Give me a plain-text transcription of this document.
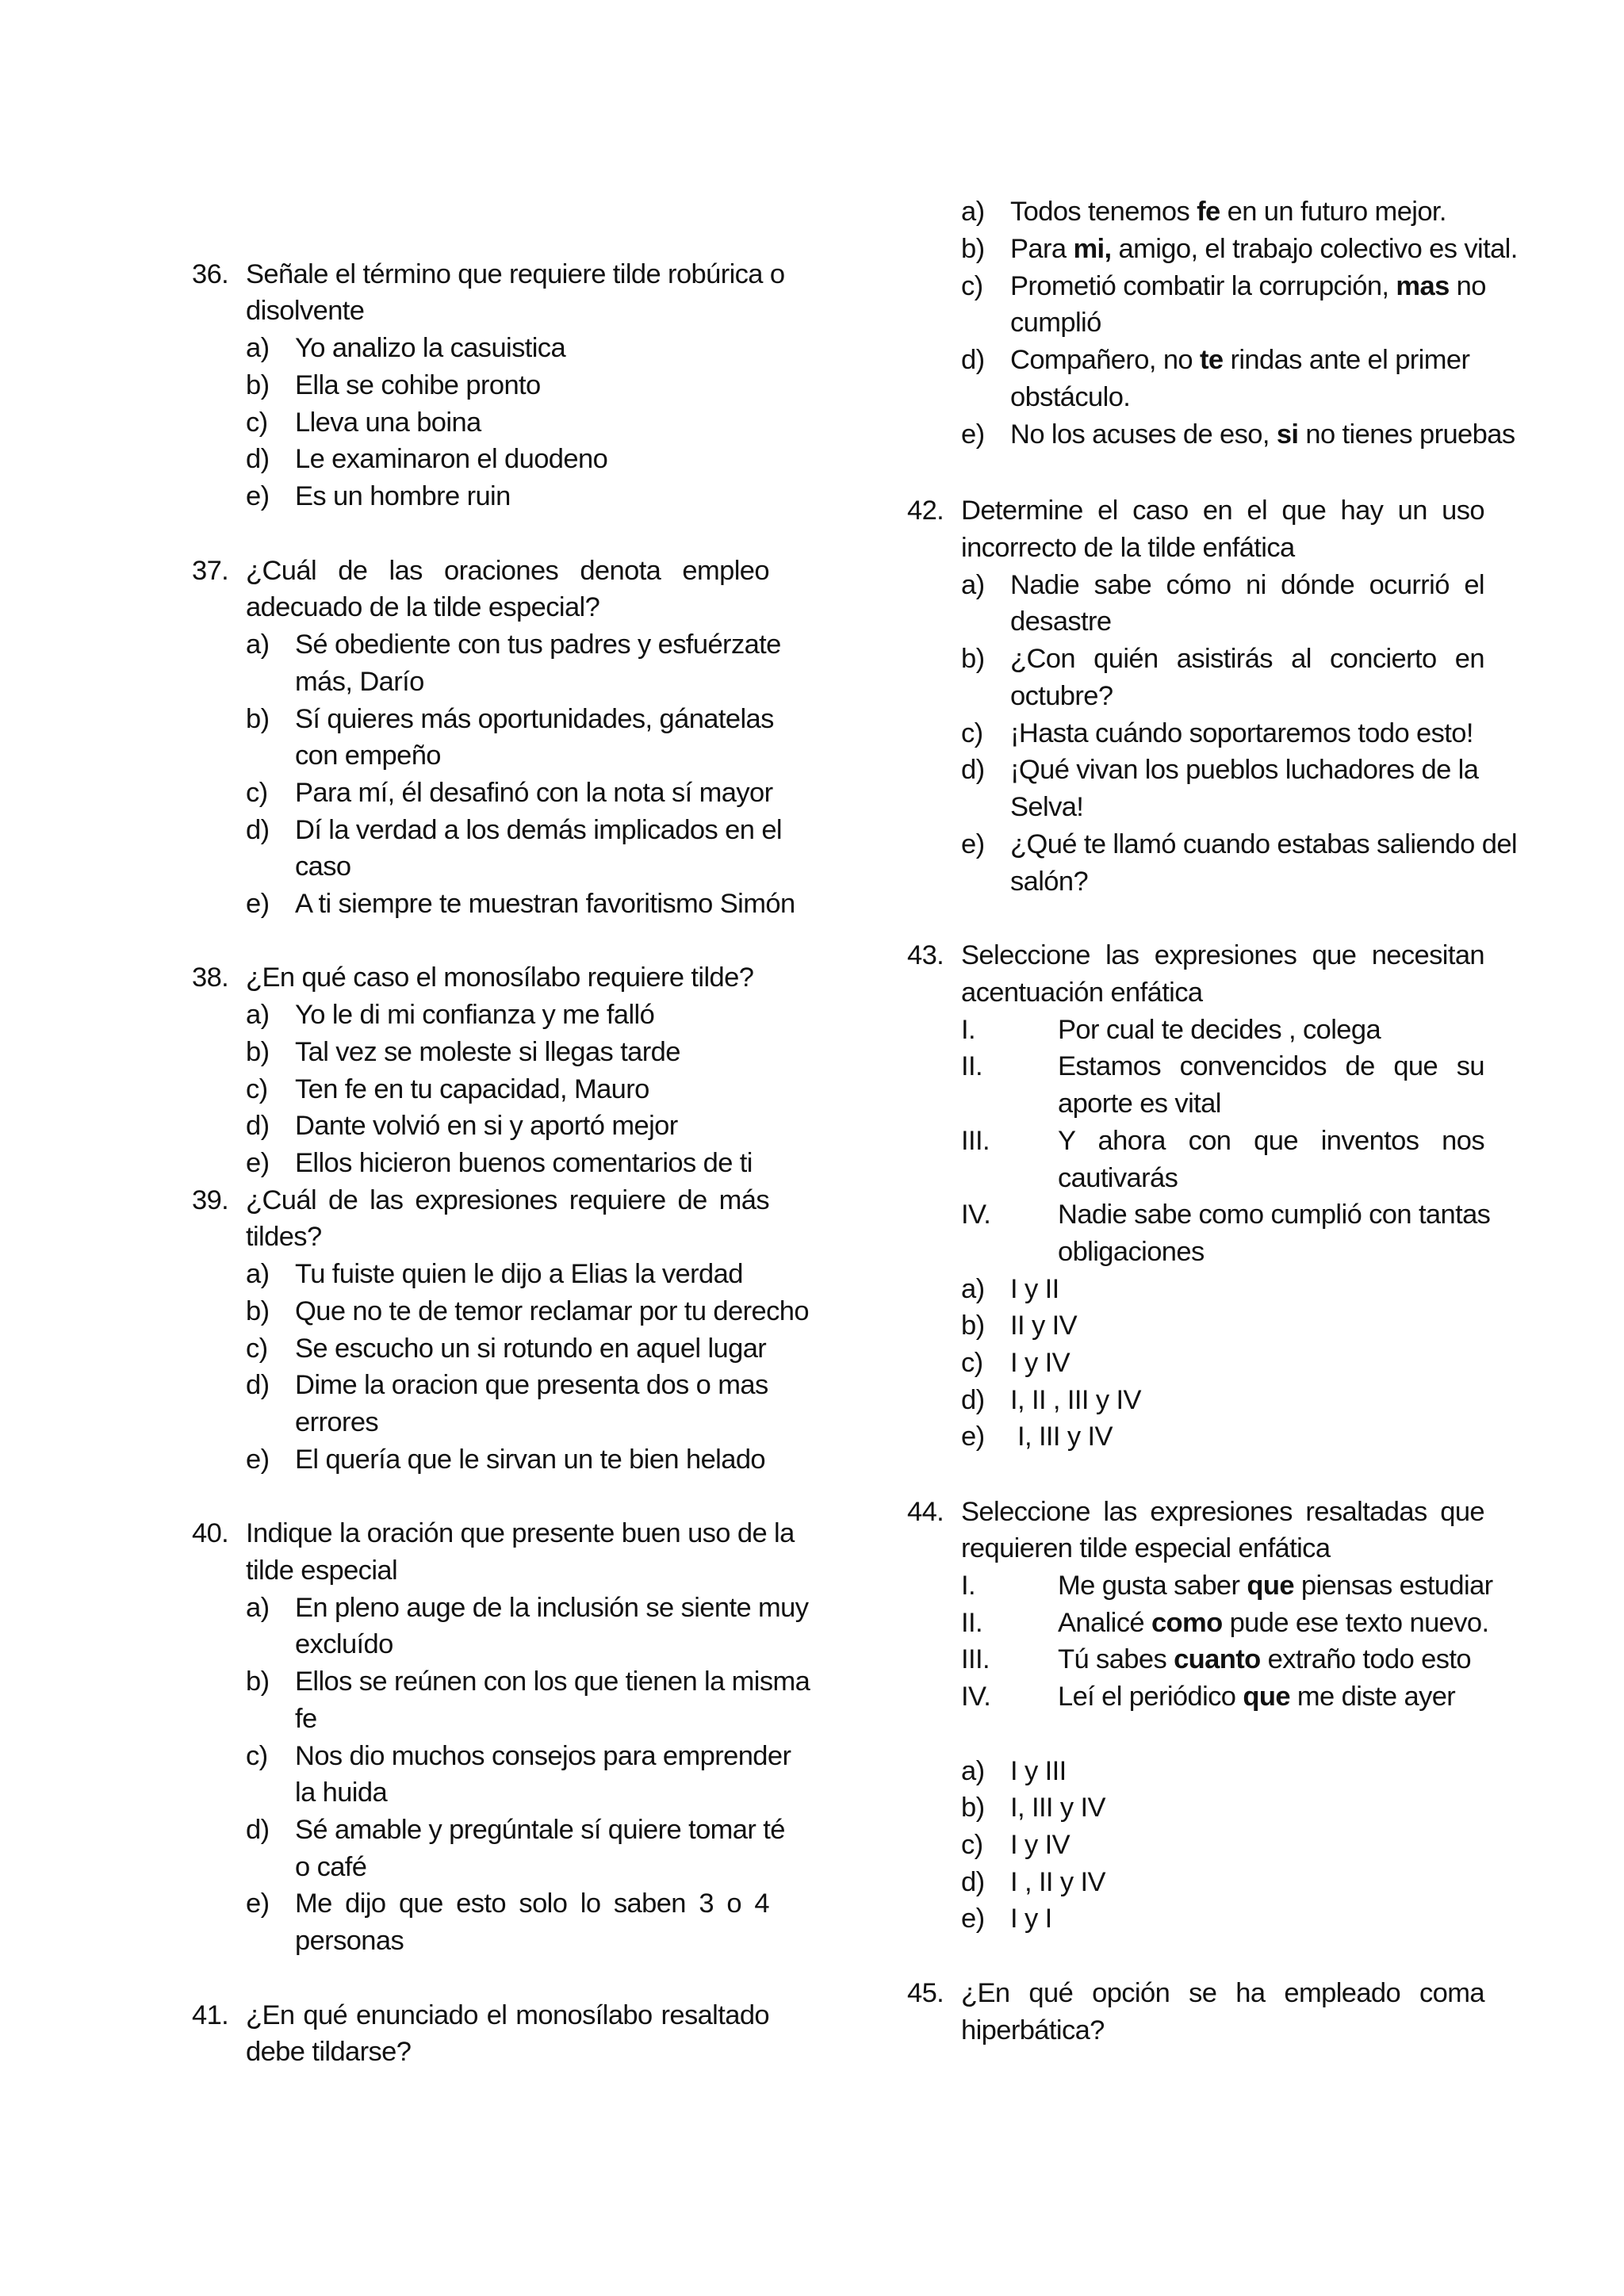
36. Señale el término que requiere tilde robúrica o
disolvente
a) Yo analizo la casuistica
b) Ella se cohibe pronto
c) Lleva una boina
d) Le examinaron el duodeno
e) Es un hombre ruin
37. ¿Cuál de las oraciones denota empleo
adecuado de la tilde especial?
a) Sé obediente con tus padres y esfuérzate
más, Darío
b) Sí quieres más oportunidades, gánatelas
con empeño
c) Para mí, él desafinó con la nota sí mayor
d) Dí la verdad a los demás implicados en el
caso
e) A ti siempre te muestran favoritismo Simón
38. ¿En qué caso el monosílabo requiere tilde?
a) Yo le di mi confianza y me falló
b) Tal vez se moleste si llegas tarde
c) Ten fe en tu capacidad, Mauro
d) Dante volvió en si y aportó mejor
e) Ellos hicieron buenos comentarios de ti
39. ¿Cuál de las expresiones requiere de más
tildes?
a) Tu fuiste quien le dijo a Elias la verdad
b) Que no te de temor reclamar por tu derecho
c) Se escucho un si rotundo en aquel lugar
d) Dime la oracion que presenta dos o mas
errores
e) El quería que le sirvan un te bien helado
40. Indique la oración que presente buen uso de la
tilde especial
a) En pleno auge de la inclusión se siente muy
excluído
b) Ellos se reúnen con los que tienen la misma
fe
c) Nos dio muchos consejos para emprender
la huida
d) Sé amable y pregúntale sí quiere tomar té
o café
e) Me dijo que esto solo lo saben 3 o 4
personas
41. ¿En qué enunciado el monosílabo resaltado
debe tildarse?
a) Todos tenemos fe en un futuro mejor.
b) Para mi, amigo, el trabajo colectivo es vital.
c) Prometió combatir la corrupción, mas no
cumplió
d) Compañero, no te rindas ante el primer
obstáculo.
e) No los acuses de eso, si no tienes pruebas
42. Determine el caso en el que hay un uso
incorrecto de la tilde enfática
a) Nadie sabe cómo ni dónde ocurrió el
desastre
b) ¿Con quién asistirás al concierto en
octubre?
c) ¡Hasta cuándo soportaremos todo esto!
d) ¡Qué vivan los pueblos luchadores de la
Selva!
e) ¿Qué te llamó cuando estabas saliendo del
salón?
43. Seleccione las expresiones que necesitan
acentuación enfática
I.	Por cual te decides , colega
II.	Estamos convencidos de que su
aporte es vital
III. Y ahora con que inventos nos
cautivarás
IV. Nadie sabe como cumplió con tantas
obligaciones
a) I y II
b) II y IV
c) I y IV
d) I, II , III y IV
e) I, III y IV
44. Seleccione las expresiones resaltadas que
requieren tilde especial enfática
I.	Me gusta saber que piensas estudiar
II.	Analicé como pude ese texto nuevo.
III. Tú sabes cuanto extraño todo esto
IV. Leí el periódico que me diste ayer
a) I y III
b) I, III y IV
c) I y IV
d) I , II y IV
e) I y I
45. ¿En qué opción se ha empleado coma
hiperbática?
